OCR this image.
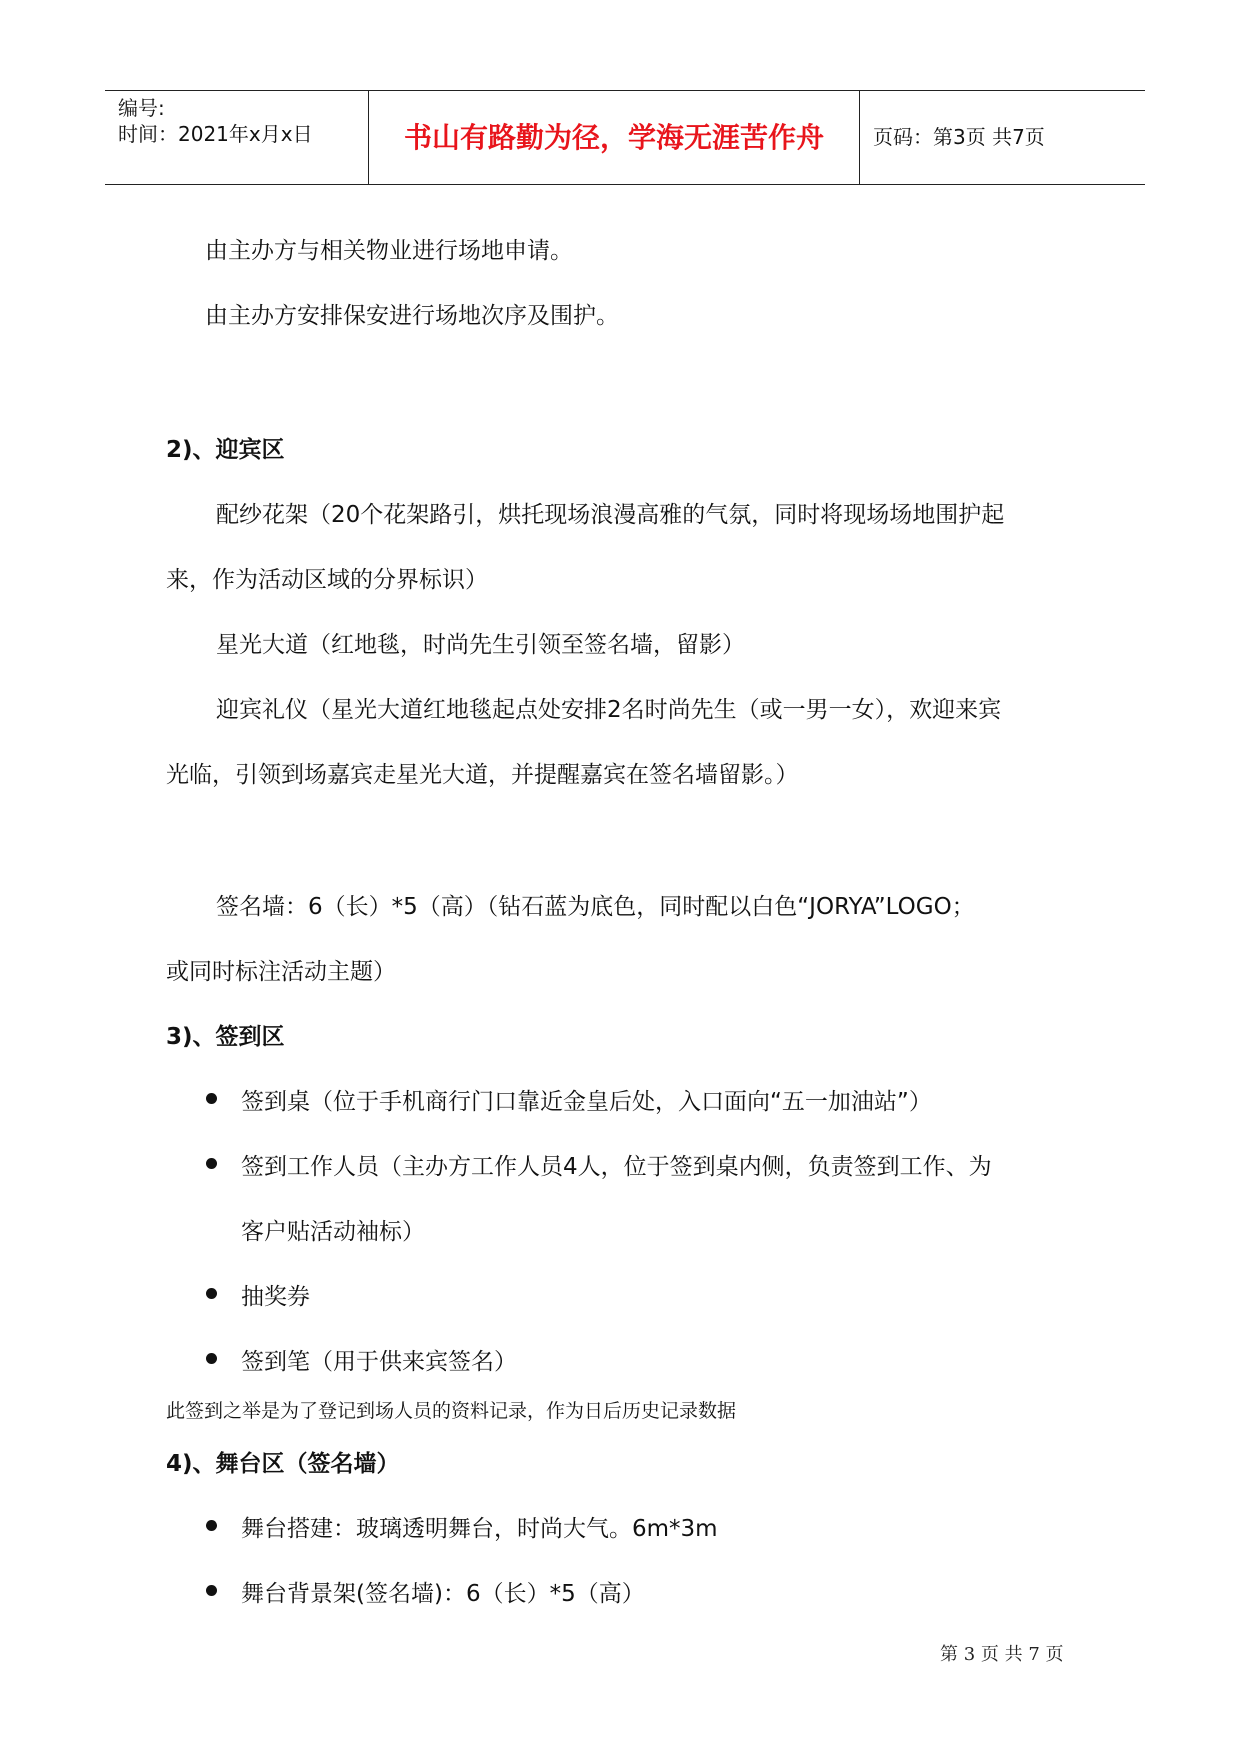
编号:
时间：2021年x月x日	书山有路勤为径，学海无涯苦作舟	页码：第3页 共7页
由主办方与相关物业进行场地申请。
由主办方安排保安进行场地次序及围护。
2)、迎宾区
配纱花架（20个花架路引，烘托现场浪漫高雅的气氛，同时将现场场地围护起
来，作为活动区域的分界标识）
星光大道（红地毯，时尚先生引领至签名墙，留影）
迎宾礼仪（星光大道红地毯起点处安排2名时尚先生（或一男一女），欢迎来宾
光临，引领到场嘉宾走星光大道，并提醒嘉宾在签名墙留影。）
签名墙：6（长）*5（高）（钻石蓝为底色，同时配以白色“JORYA”LOGO；
或同时标注活动主题）
3)、签到区
签到桌（位于手机商行门口靠近金皇后处，入口面向“五一加油站”）
签到工作人员（主办方工作人员4人，位于签到桌内侧，负责签到工作、为
客户贴活动袖标）
抽奖券
签到笔（用于供来宾签名）
此签到之举是为了登记到场人员的资料记录，作为日后历史记录数据
4)、舞台区（签名墙）
舞台搭建：玻璃透明舞台，时尚大气。6m*3m
舞台背景架(签名墙)：6（长）*5（高）
第 3 页 共 7 页
